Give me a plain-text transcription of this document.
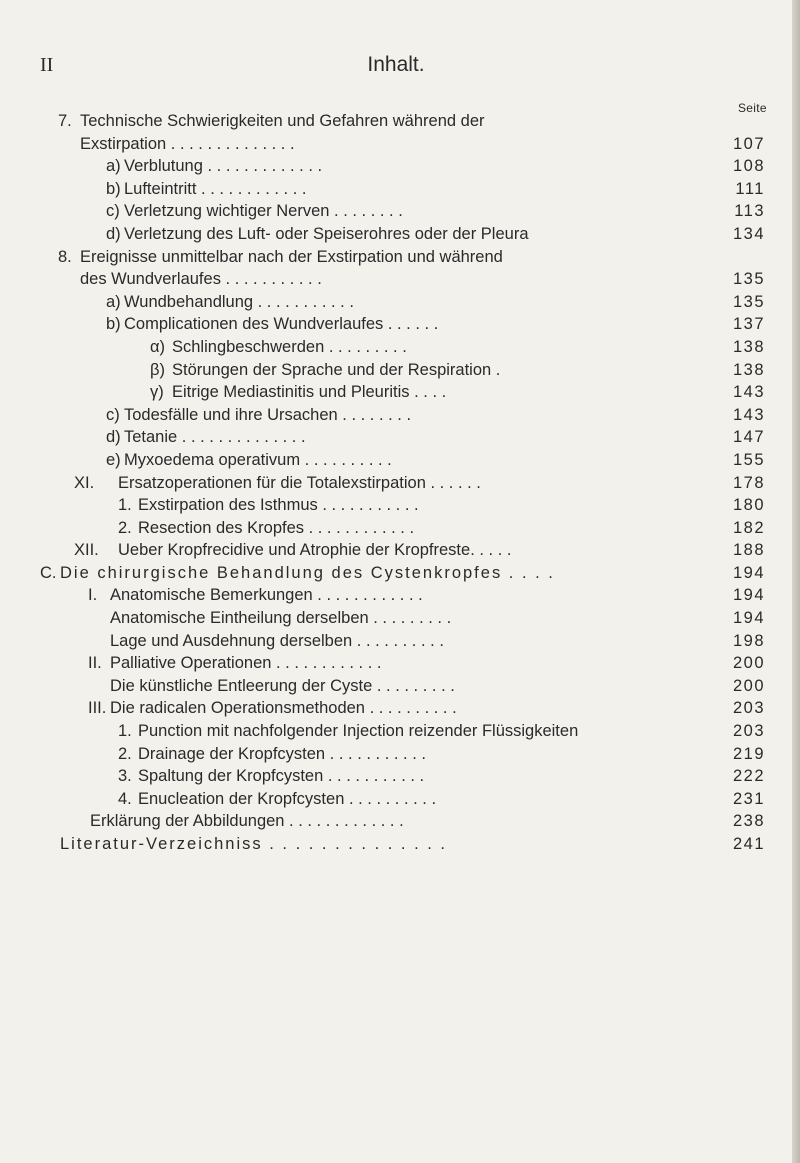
II	Inhalt.
Seite
7. Technische Schwierigkeiten und Gefahren während der
Exstirpation . . . . . . . . . . . . . .	107
a) Verblutung . . . . . . . . . . . . .	108
b) Lufteintritt . . . . . . . . . . . .	111
c) Verletzung wichtiger Nerven . . . . . . . .	113
d) Verletzung des Luft- oder Speiserohres oder der Pleura	134
8. Ereignisse unmittelbar nach der Exstirpation und während
des Wundverlaufes . . . . . . . . . . .	135
a) Wundbehandlung . . . . . . . . . . .	135
b) Complicationen des Wundverlaufes . . . . . .	137
α) Schlingbeschwerden . . . . . . . . .	138
β) Störungen der Sprache und der Respiration .	138
γ) Eitrige Mediastinitis und Pleuritis . . . .	143
c) Todesfälle und ihre Ursachen . . . . . . . .	143
d) Tetanie . . . . . . . . . . . . . .	147
e) Myxoedema operativum . . . . . . . . . .	155
XI. Ersatzoperationen für die Totalexstirpation . . . . . .	178
1. Exstirpation des Isthmus . . . . . . . . . . .	180
2. Resection des Kropfes . . . . . . . . . . . .	182
XII. Ueber Kropfrecidive und Atrophie der Kropfreste. . . . .	188
C. Die chirurgische Behandlung des Cystenkropfes . . . .	194
I. Anatomische Bemerkungen . . . . . . . . . . . .	194
Anatomische Eintheilung derselben . . . . . . . . .	194
Lage und Ausdehnung derselben . . . . . . . . . .	198
II. Palliative Operationen . . . . . . . . . . . .	200
Die künstliche Entleerung der Cyste . . . . . . . . .	200
III. Die radicalen Operationsmethoden . . . . . . . . . .	203
1. Punction mit nachfolgender Injection reizender Flüssigkeiten	203
2. Drainage der Kropfcysten . . . . . . . . . . .	219
3. Spaltung der Kropfcysten . . . . . . . . . . .	222
4. Enucleation der Kropfcysten . . . . . . . . . .	231
Erklärung der Abbildungen . . . . . . . . . . . . .	238
Literatur-Verzeichniss . . . . . . . . . . . . . .	241
